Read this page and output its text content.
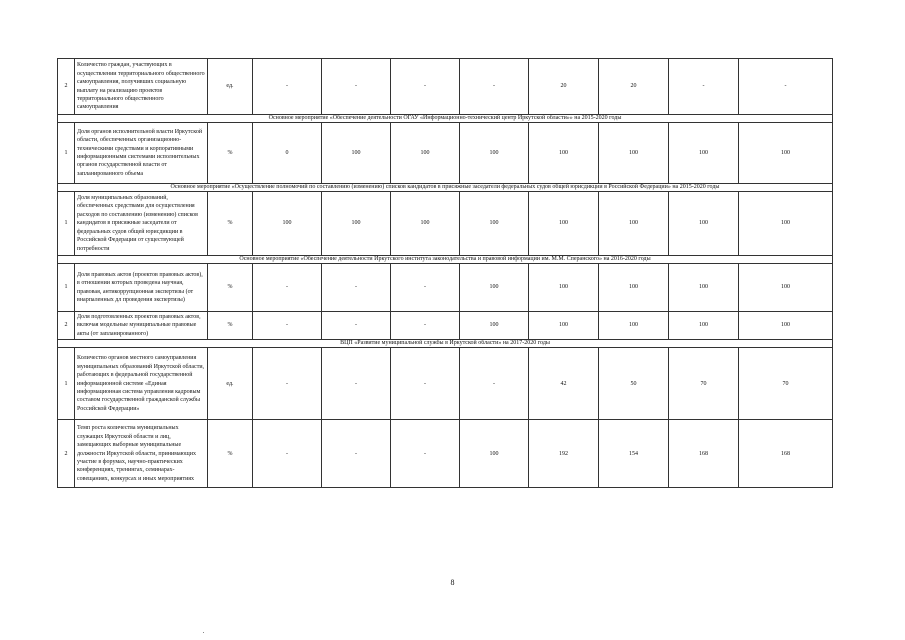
2	Количество граждан, участвующих в осуществлении территориального общественного самоуправления, получивших социальную выплату на реализацию проектов территориального общественного самоуправления	ед.	-	-	-	-	20	20	-	-
Основное мероприятие «Обеспечение деятельности ОГАУ «Информационно-технический центр Иркутской области»» на 2015-2020 годы										
1	Доля органов исполнительной власти Иркутской области, обеспеченных организационно-техническими средствами и корпоративными информационными системами исполнительных органов государственной власти от запланированного объема	%	0	100	100	100	100	100	100	100
Основное мероприятие «Осуществление полномочий по составлению (изменению) списков кандидатов в присяжные заседатели федеральных судов общей юрисдикции в Российской Федерации» на 2015-2020 годы										
1	Доля муниципальных образований, обеспеченных средствами для осуществления расходов по составлению (изменению) списков кандидатов в присяжные заседатели от федеральных судов общей юрисдикции в Российской Федерации от существующей потребности	%	100	100	100	100	100	100	100	100
Основное мероприятие «Обеспечение деятельности Иркутского института законодательства и правовой информации им. М.М. Сперанского» на 2016-2020 годы										
1	Доля правовых актов (проектов правовых актов), в отношении которых проведена научная, правовая, антикоррупционная экспертизы (от внарпаленных дл проведения экспертизы)	%	-	-	-	100	100	100	100	100
2	Доля подготовленных проектов правовых актов, включая модельные муниципальные правовые акты (от запланированного)	%	-	-	-	100	100	100	100	100
ВЦП «Развитие муниципальной службы в Иркутской области» на 2017-2020 годы										
1	Количество органов местного самоуправления муниципальных образований Иркутской области, работающих в федеральной государственной информационной системе «Единая информационная система управления кадровым составом государственной гражданской службы Российской Федерации»	ед.	-	-	-	-	42	50	70	70
2	Темп роста количества муниципальных служащих Иркутской области и лиц, замещающих выборные муниципальные должности Иркутской области, принимающих участие в форумах, научно-практических конференциях, тренингах, семинарах-совещаниях, конкурсах и иных мероприятиях	%	-	-	-	100	192	154	168	168
8
